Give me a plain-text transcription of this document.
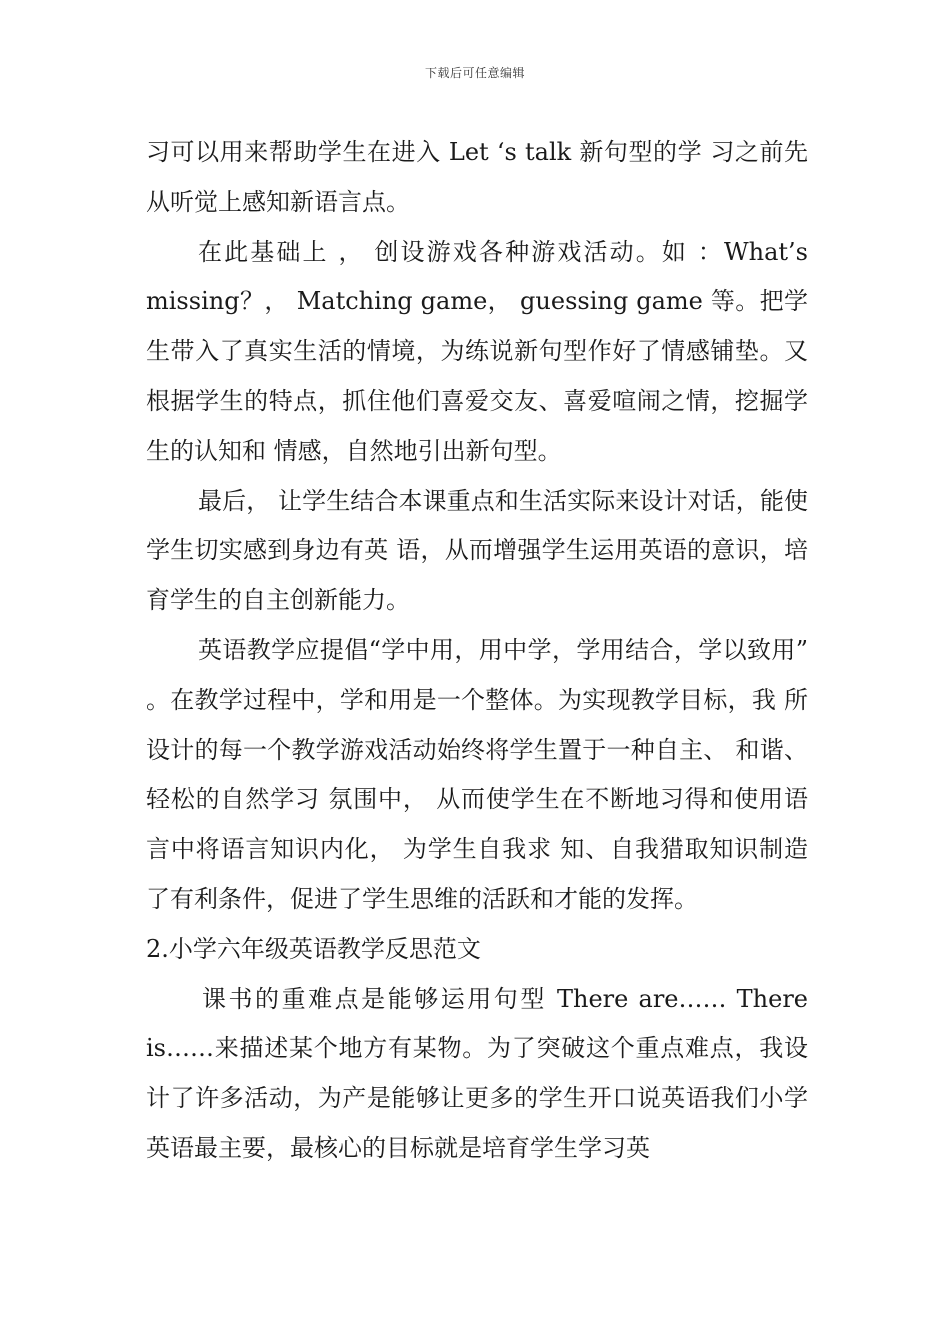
下载后可任意编辑

习可以用来帮助学生在进入 Let ‘s talk 新句型的学 习之前先从听觉上感知新语言点。

在此基础上 ， 创设游戏各种游戏活动。如 ：What’s missing？， Matching game， guessing game 等。把学生带入了真实生活的情境，为练说新句型作好了情感铺垫。又根据学生的特点，抓住他们喜爱交友、喜爱喧闹之情，挖掘学生的认知和 情感，自然地引出新句型。

最后， 让学生结合本课重点和生活实际来设计对话，能使学生切实感到身边有英 语，从而增强学生运用英语的意识，培育学生的自主创新能力。

英语教学应提倡“学中用，用中学，学用结合，学以致用” 。在教学过程中，学和用是一个整体。为实现教学目标，我 所设计的每一个教学游戏活动始终将学生置于一种自主、 和谐、 轻松的自然学习 氛围中， 从而使学生在不断地习得和使用语言中将语言知识内化， 为学生自我求 知、自我猎取知识制造了有利条件，促进了学生思维的活跃和才能的发挥。

2.小学六年级英语教学反思范文

课书的重难点是能够运用句型 There are…… There is……来描述某个地方有某物。为了突破这个重点难点，我设计了许多活动，为产是能够让更多的学生开口说英语我们小学英语最主要，最核心的目标就是培育学生学习英
